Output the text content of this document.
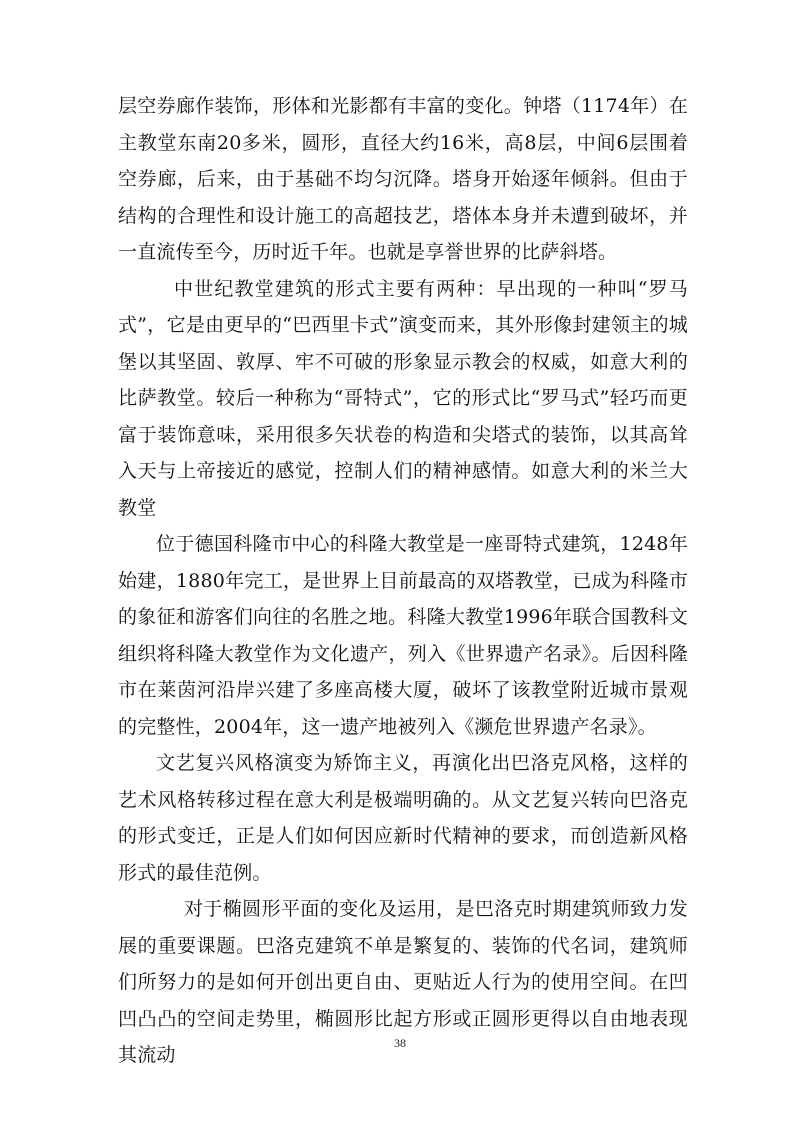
层空券廊作装饰，形体和光影都有丰富的变化。钟塔（1174年）在主教堂东南20多米，圆形，直径大约16米，高8层，中间6层围着空券廊，后来，由于基础不均匀沉降。塔身开始逐年倾斜。但由于结构的合理性和设计施工的高超技艺，塔体本身并未遭到破坏，并一直流传至今，历时近千年。也就是享誉世界的比萨斜塔。

中世纪教堂建筑的形式主要有两种：早出现的一种叫“罗马式”，它是由更早的“巴西里卡式”演变而来，其外形像封建领主的城堡以其坚固、敦厚、牢不可破的形象显示教会的权威，如意大利的比萨教堂。较后一种称为“哥特式”，它的形式比“罗马式”轻巧而更富于装饰意味，采用很多矢状卷的构造和尖塔式的装饰，以其高耸入天与上帝接近的感觉，控制人们的精神感情。如意大利的米兰大教堂

位于德国科隆市中心的科隆大教堂是一座哥特式建筑，1248年始建，1880年完工，是世界上目前最高的双塔教堂，已成为科隆市的象征和游客们向往的名胜之地。科隆大教堂1996年联合国教科文组织将科隆大教堂作为文化遗产，列入《世界遗产名录》。后因科隆市在莱茵河沿岸兴建了多座高楼大厦，破坏了该教堂附近城市景观的完整性，2004年，这一遗产地被列入《濒危世界遗产名录》。

文艺复兴风格演变为矫饰主义，再演化出巴洛克风格，这样的艺术风格转移过程在意大利是极端明确的。从文艺复兴转向巴洛克的形式变迁，正是人们如何因应新时代精神的要求，而创造新风格形式的最佳范例。

对于椭圆形平面的变化及运用，是巴洛克时期建筑师致力发展的重要课题。巴洛克建筑不单是繁复的、装饰的代名词，建筑师们所努力的是如何开创出更自由、更贴近人行为的使用空间。在凹凹凸凸的空间走势里，椭圆形比起方形或正圆形更得以自由地表现其流动

38
